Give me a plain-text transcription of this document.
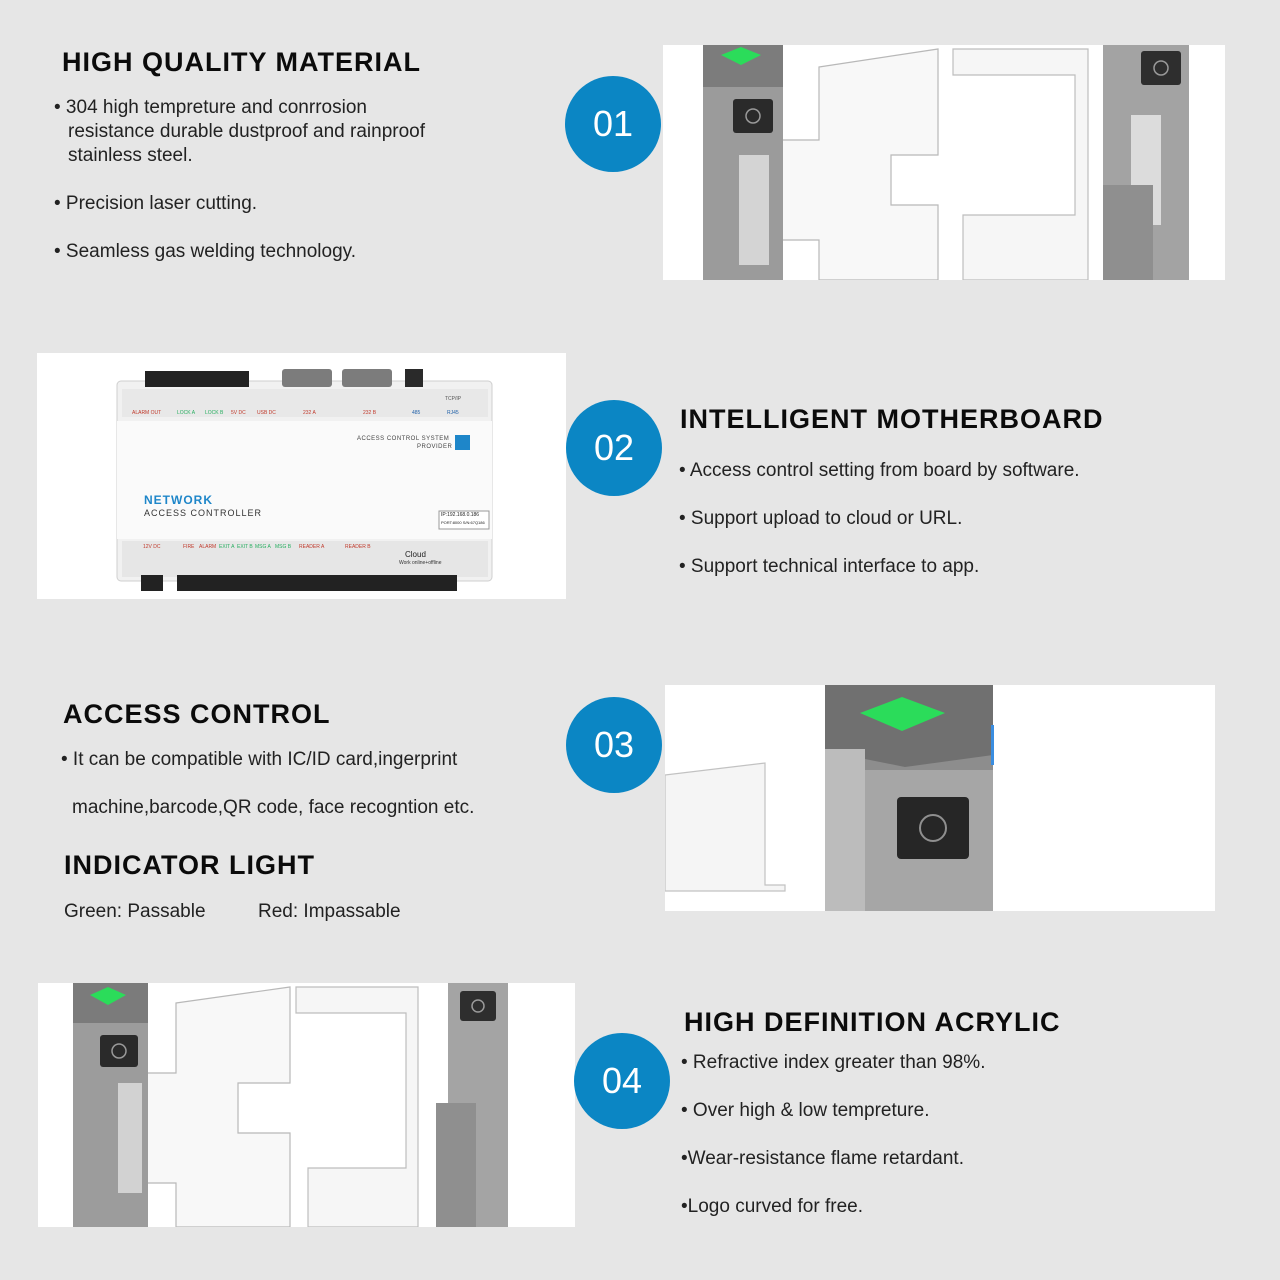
HIGH QUALITY MATERIAL
• 304 high tempreture and conrrosion
resistance durable dustproof and rainproof
stainless steel.
• Precision laser cutting.
• Seamless gas welding technology.
01
ALARM OUT	LOCK A LOCK B 5V DC USB DC	232 A	232 B	485	RJ45
TCP/IP
ACCESS CONTROL SYSTEM
PROVIDER
NETWORK
ACCESS CONTROLLER	IP:192.168.0.186
PORT:8000 S/N:67Q186
Cloud
Work online+offline
12V DC	FIRE ALARM EXIT A EXIT B MSG A MSG B READER A	READER B
02
INTELLIGENT MOTHERBOARD
• Access control setting from board by software.
• Support upload to cloud or URL.
• Support technical interface to app.
ACCESS CONTROL
• It can be compatible with IC/ID card,ingerprint
machine,barcode,QR code, face recogntion etc.
INDICATOR LIGHT
Green: Passable	Red: Impassable
03
04
HIGH DEFINITION ACRYLIC
• Refractive index greater than 98%.
• Over high & low tempreture.
•Wear-resistance flame retardant.
•Logo curved for free.
